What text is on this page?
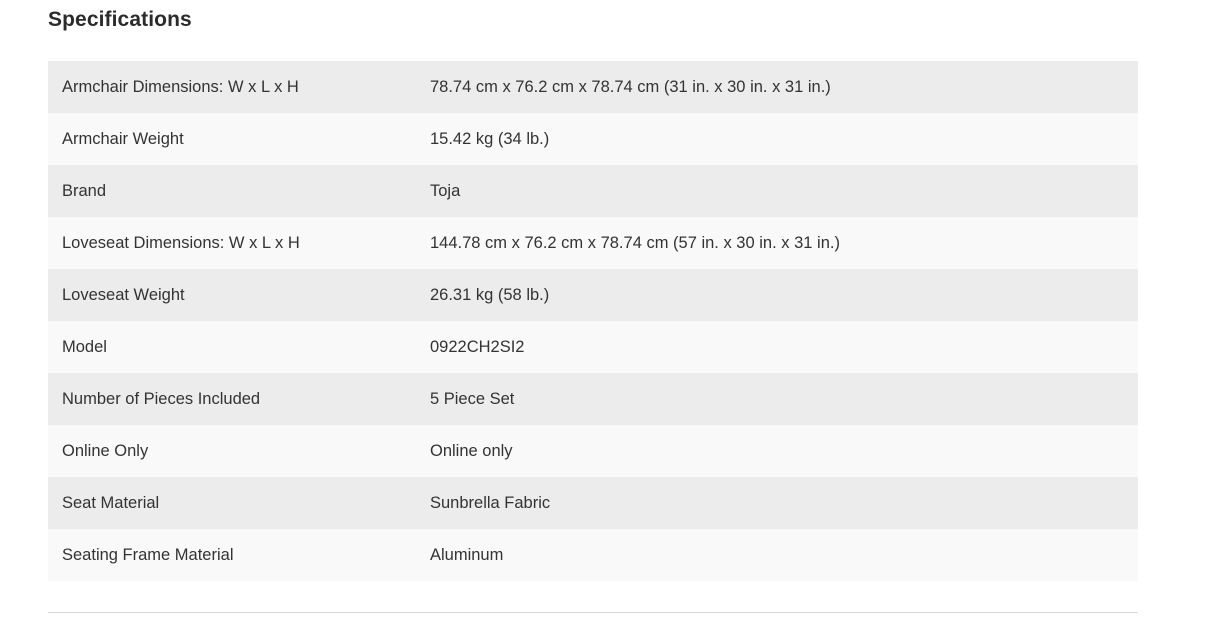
Specifications
Armchair Dimensions: W x L x H	78.74 cm x 76.2 cm x 78.74 cm (31 in. x 30 in. x 31 in.)
Armchair Weight	15.42 kg (34 lb.)
Brand	Toja
Loveseat Dimensions: W x L x H	144.78 cm x 76.2 cm x 78.74 cm (57 in. x 30 in. x 31 in.)
Loveseat Weight	26.31 kg (58 lb.)
Model	0922CH2SI2
Number of Pieces Included	5 Piece Set
Online Only	Online only
Seat Material	Sunbrella Fabric
Seating Frame Material	Aluminum
